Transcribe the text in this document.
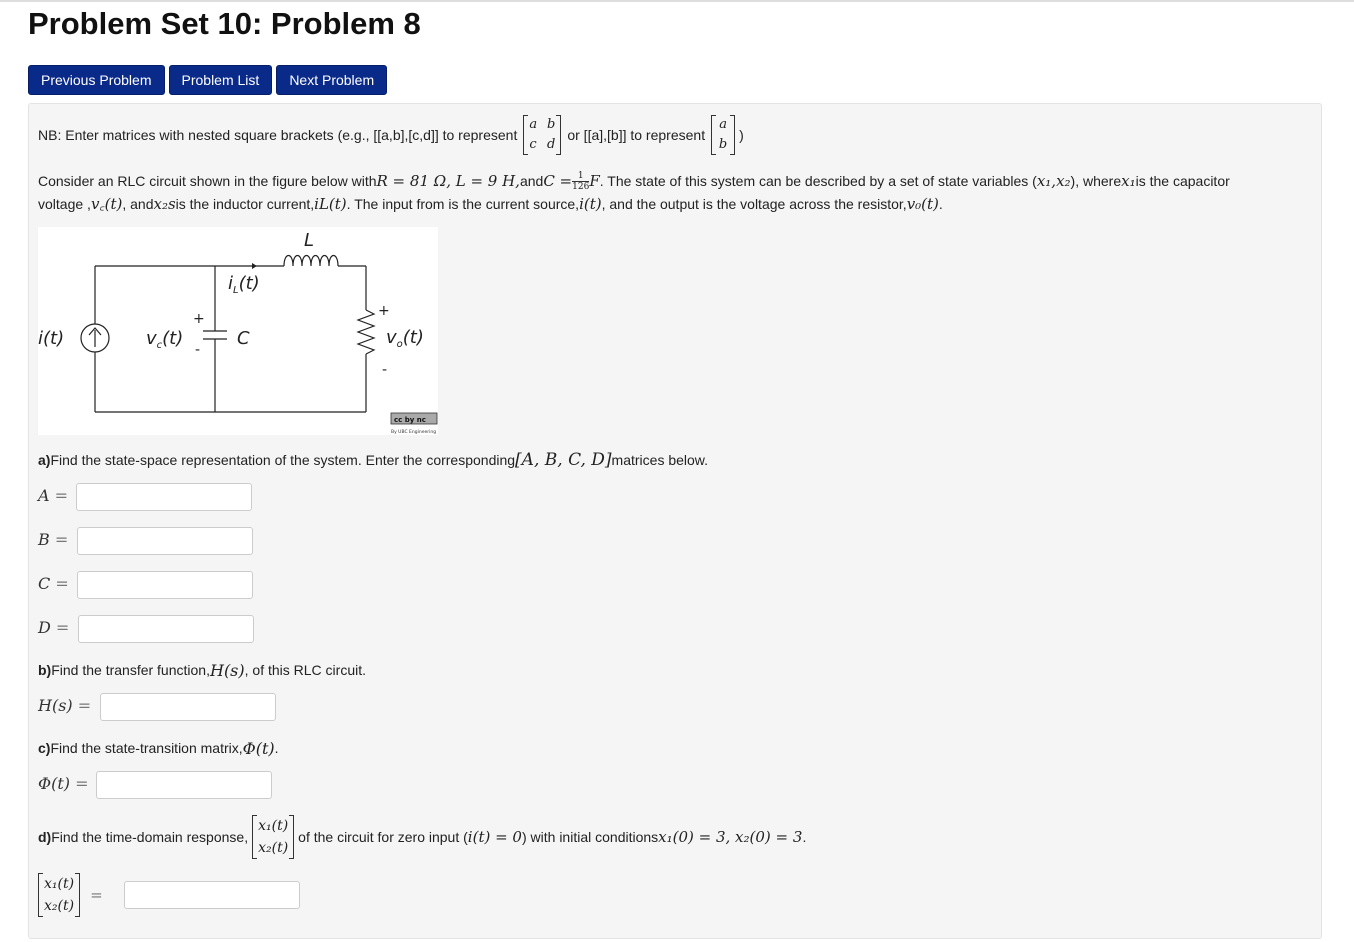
Problem Set 10: Problem 8
Previous Problem	Problem List	Next Problem
NB: Enter matrices with nested square brackets (e.g., [[a,b],[c,d]] to represent
a b
c d
or [[a],[b]] to represent
a
b
)
Consider an RLC circuit shown in the figure below with R = 81 Ω, L = 9 H, and $C = \frac{1}{126}$ F . The state of this system can be described by a set of state variables ( x₁,x₂ ), where x₁ is the capacitor
voltage , v꜀(t) , and x₂s is the inductor current, iL(t) . The input from is the current source, i(t) , and the output is the voltage across the resistor, v₀(t) .
L
$i_L(t)$
i(t)	$v_c(t)$
+
-
C
+
-
$v_o(t)$
cc by nc
By UBC Engineering
a) Find the state-space representation of the system. Enter the corresponding [A, B, C, D] matrices below.
A =
B =
C =
D =
b) Find the transfer function, H(s) , of this RLC circuit.
H(s) =
c) Find the state-transition matrix, Φ(t) .
Φ(t) =
d) Find the time-domain response,
x₁(t)
x₂(t)
of the circuit for zero input ( i(t) = 0 ) with initial conditions x₁(0) = 3, x₂(0) = 3 .
x₁(t)
x₂(t)
=
